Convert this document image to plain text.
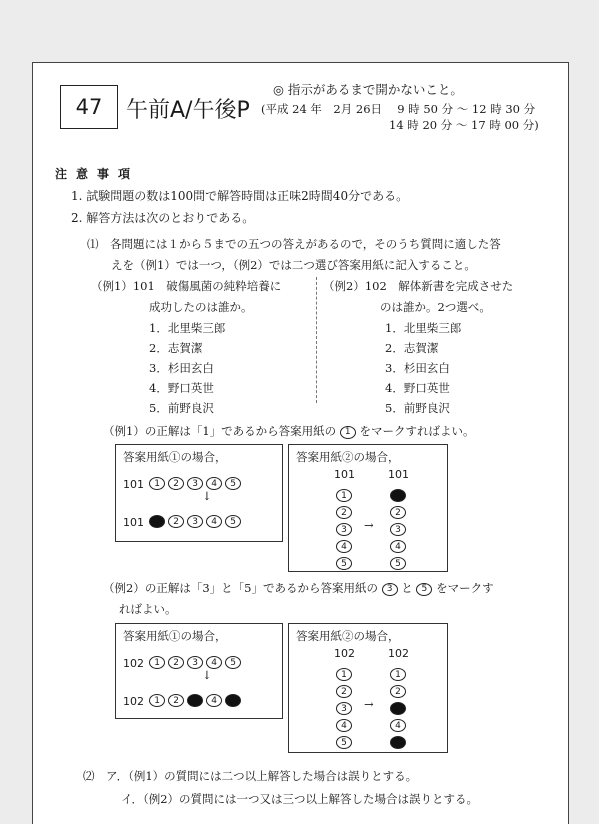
47 午前A/午後P
◎ 指示があるまで開かないこと。
(平成 24 年　2月 26日　 9 時 50 分 ～ 12 時 30 分
14 時 20 分 ～ 17 時 00 分)
注意事項
1. 試験問題の数は100問で解答時間は正味2時間40分である。
2. 解答方法は次のとおりである。
⑴　各問題には１から５までの五つの答えがあるので，そのうち質問に適した答
えを（例1）では一つ，（例2）では二つ選び答案用紙に記入すること。
（例1）101　破傷風菌の純粋培養に
成功したのは誰か。
1．北里柴三郎
2．志賀潔
3．杉田玄白
4．野口英世
5．前野良沢
（例2）102　解体新書を完成させた
のは誰か。2つ選べ。
1．北里柴三郎
2．志賀潔
3．杉田玄白
4．野口英世
5．前野良沢
（例1）の正解は「1」であるから答案用紙の 1 をマークすればよい。
答案用紙①の場合，
101 1 2 3 4 5
↓
101	2 3 4 5
答案用紙②の場合，
101	101
1
2
3
4
5
→
2
3
4
5
（例2）の正解は「3」と「5」であるから答案用紙の 3 と 5 をマークす
ればよい。
答案用紙①の場合，
102 1 2 3 4 5
↓
102 1 2	4
答案用紙②の場合，
102	102
1
2
3
4
5
→
1
2
4
⑵　ア．（例1）の質問には二つ以上解答した場合は誤りとする。
イ．（例2）の質問には一つ又は三つ以上解答した場合は誤りとする。
